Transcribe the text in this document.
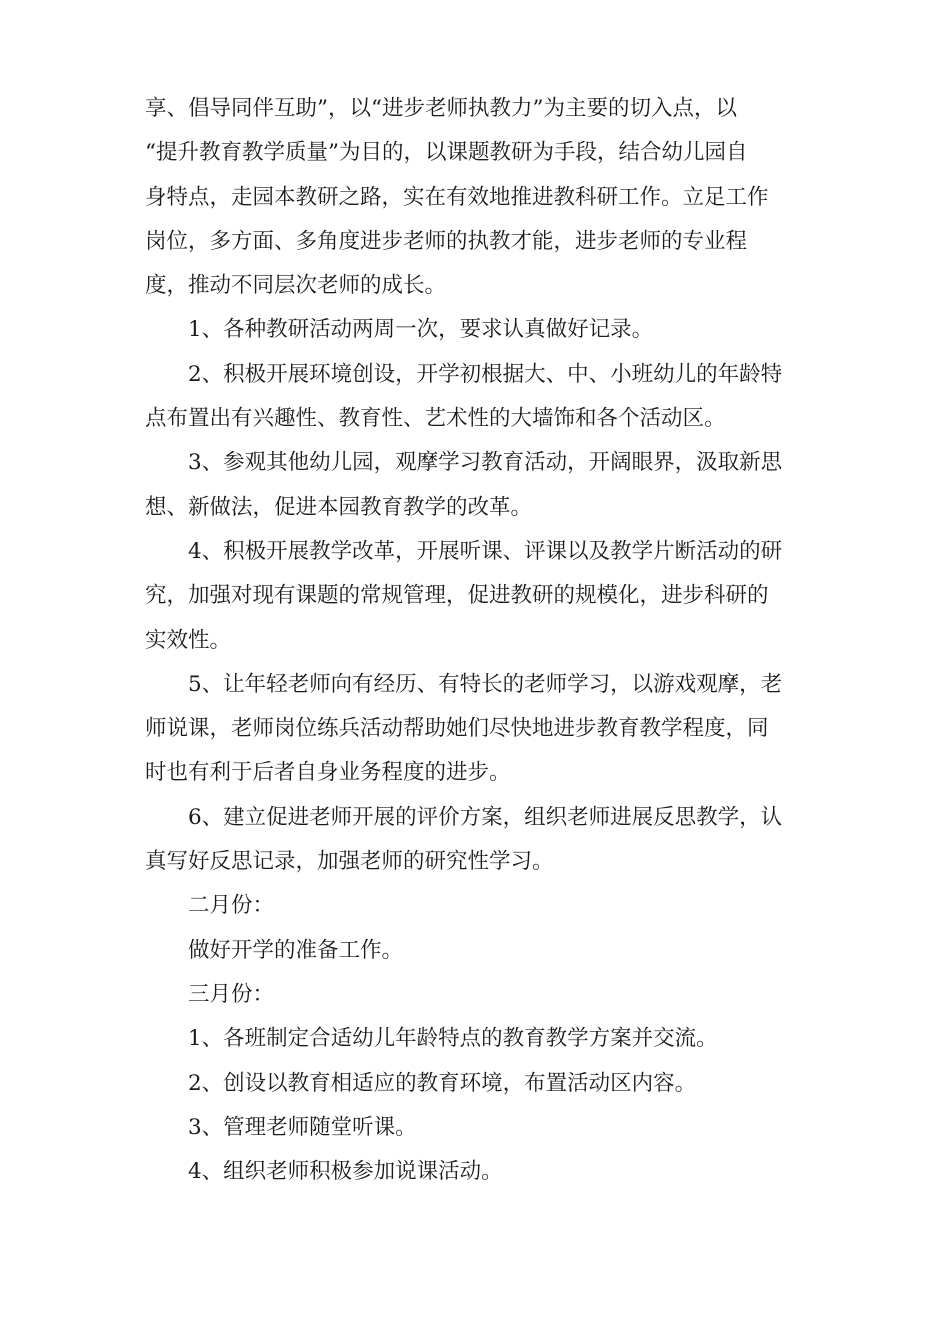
享、倡导同伴互助”，以“进步老师执教力”为主要的切入点，以
“提升教育教学质量”为目的，以课题教研为手段，结合幼儿园自
身特点，走园本教研之路，实在有效地推进教科研工作。立足工作
岗位，多方面、多角度进步老师的执教才能，进步老师的专业程
度，推动不同层次老师的成长。
1、各种教研活动两周一次，要求认真做好记录。
2、积极开展环境创设，开学初根据大、中、小班幼儿的年龄特
点布置出有兴趣性、教育性、艺术性的大墙饰和各个活动区。
3、参观其他幼儿园，观摩学习教育活动，开阔眼界，汲取新思
想、新做法，促进本园教育教学的改革。
4、积极开展教学改革，开展听课、评课以及教学片断活动的研
究，加强对现有课题的常规管理，促进教研的规模化，进步科研的
实效性。
5、让年轻老师向有经历、有特长的老师学习，以游戏观摩，老
师说课，老师岗位练兵活动帮助她们尽快地进步教育教学程度，同
时也有利于后者自身业务程度的进步。
6、建立促进老师开展的评价方案，组织老师进展反思教学，认
真写好反思记录，加强老师的研究性学习。
二月份：
做好开学的准备工作。
三月份：
1、各班制定合适幼儿年龄特点的教育教学方案并交流。
2、创设以教育相适应的教育环境，布置活动区内容。
3、管理老师随堂听课。
4、组织老师积极参加说课活动。
